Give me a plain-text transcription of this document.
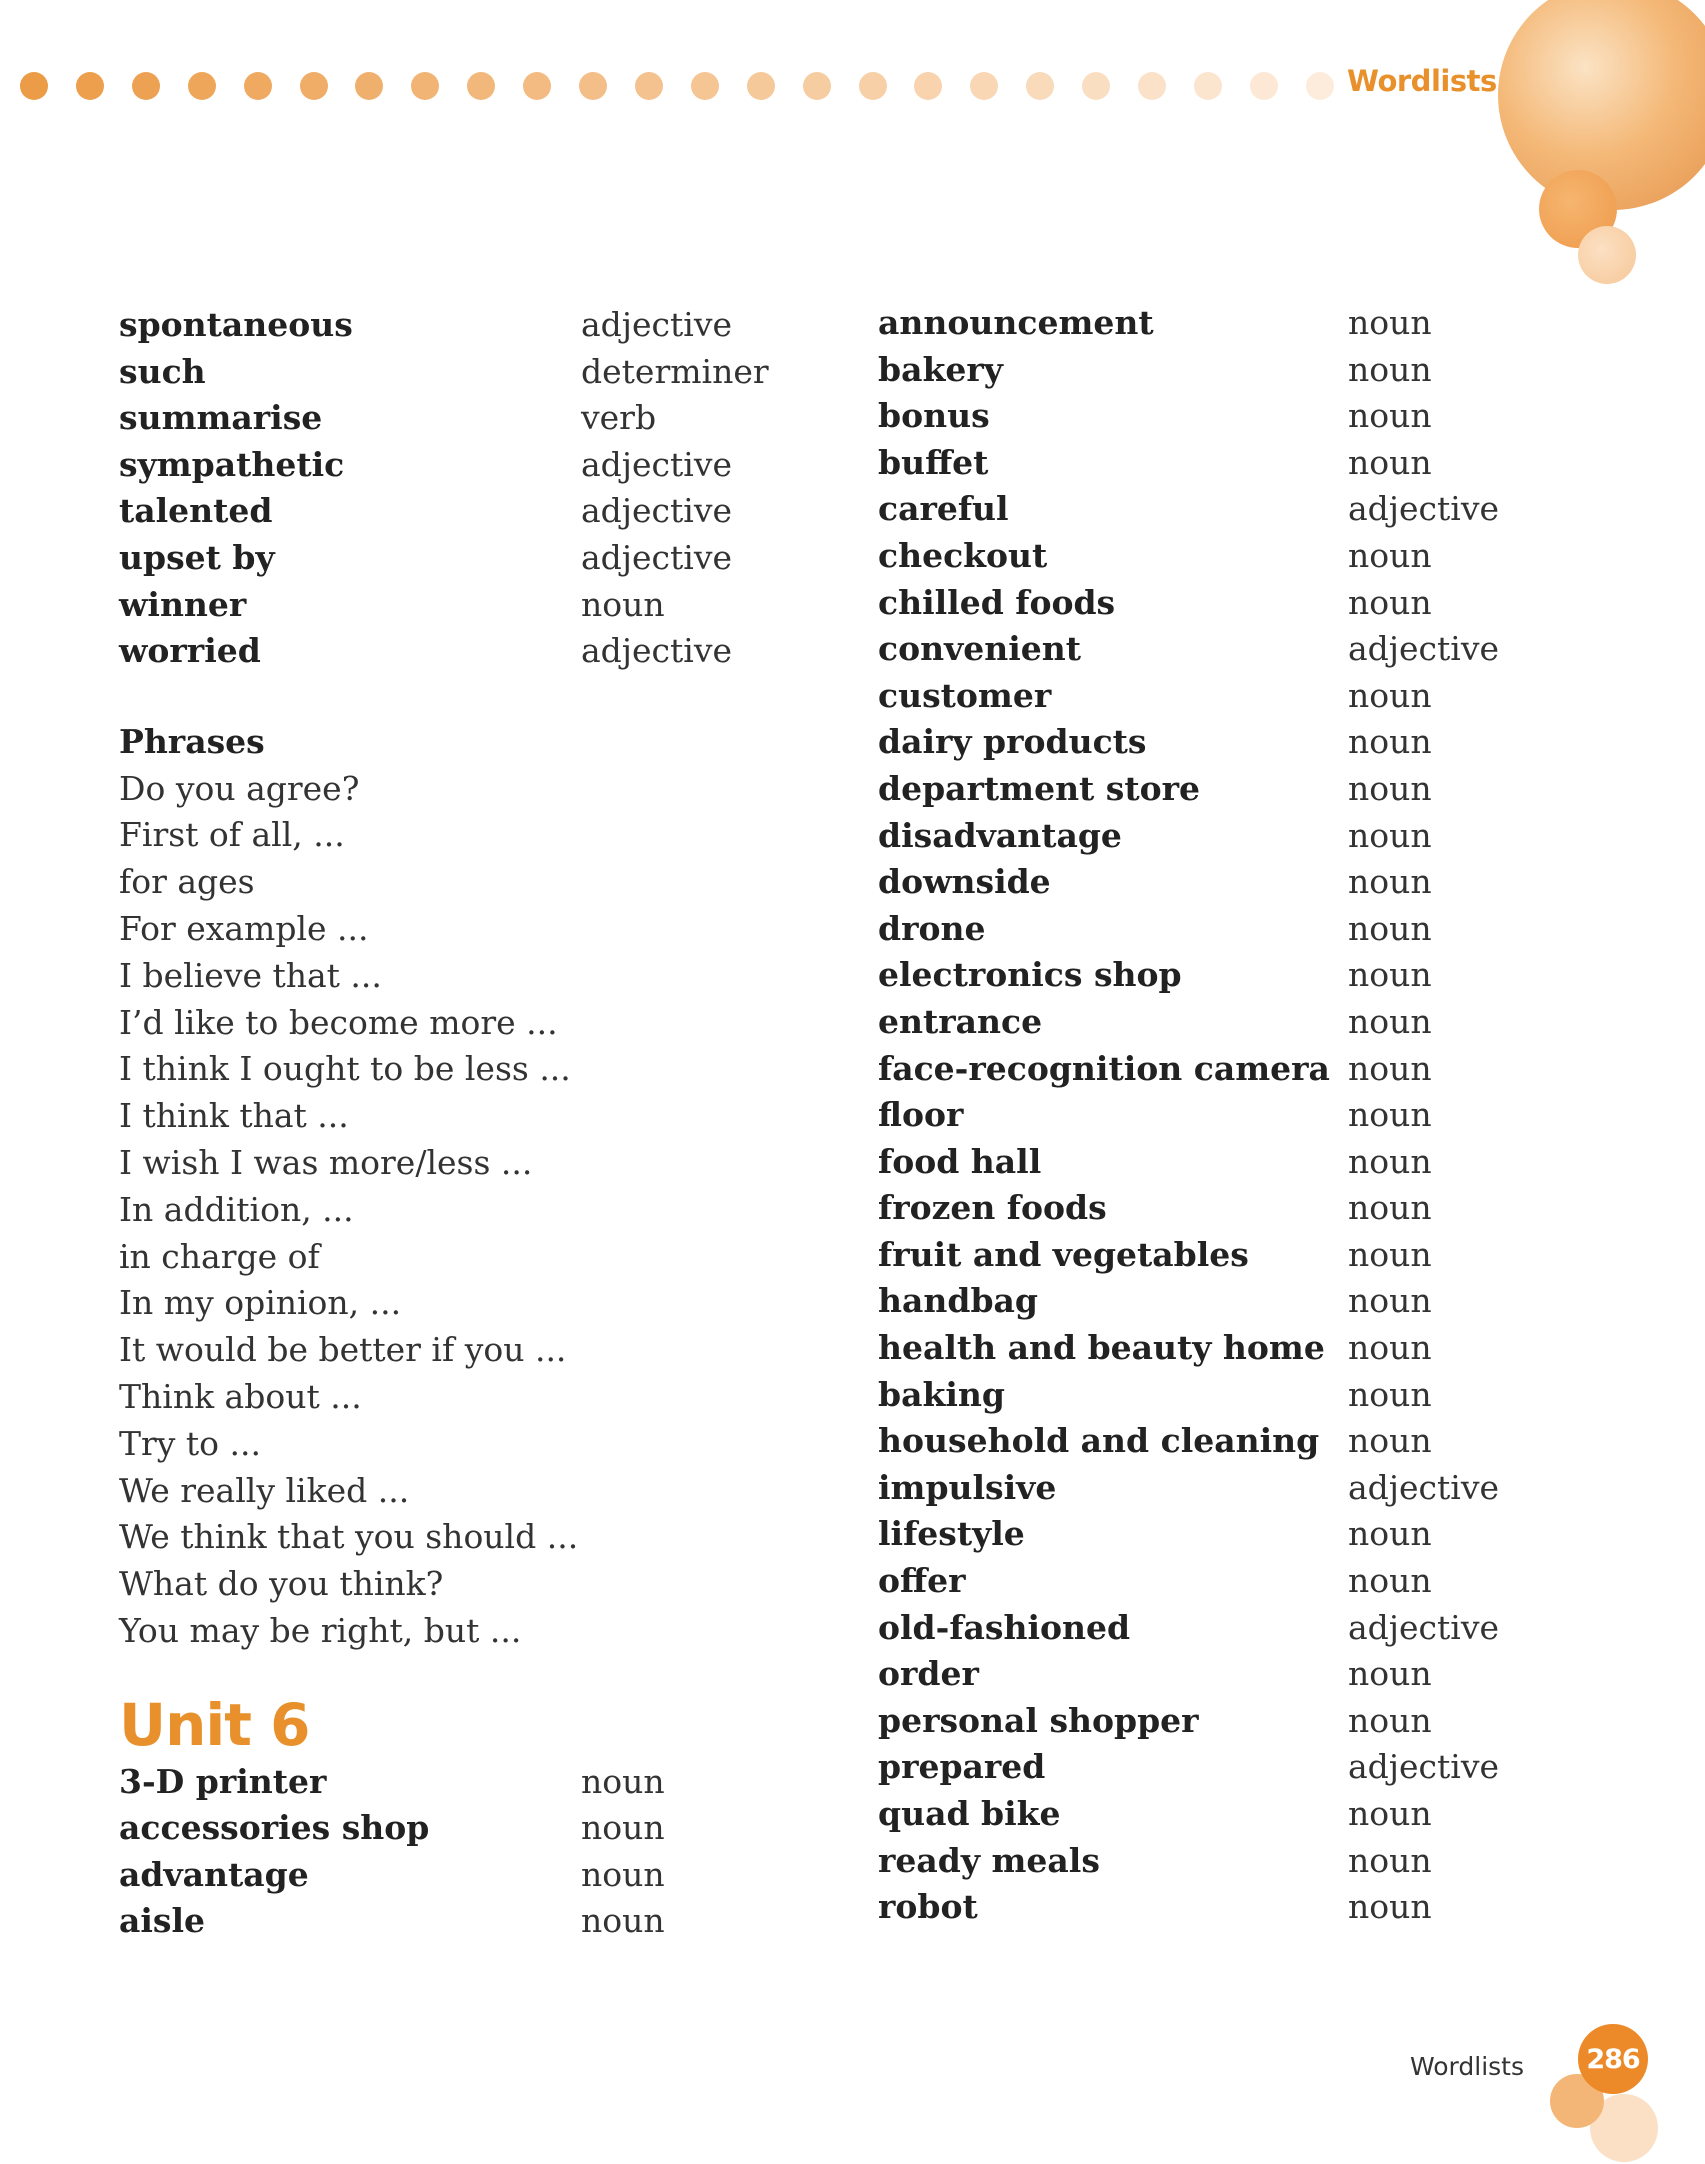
Wordlists
spontaneous	adjective
such	determiner
summarise	verb
sympathetic	adjective
talented	adjective
upset by	adjective
winner	noun
worried	adjective
Phrases
Do you agree?
First of all, ...
for ages
For example ...
I believe that ...
I’d like to become more ...
I think I ought to be less ...
I think that ...
I wish I was more/less ...
In addition, ...
in charge of
In my opinion, ...
It would be better if you ...
Think about ...
Try to ...
We really liked ...
We think that you should ...
What do you think?
You may be right, but ...
Unit 6
3-D printer	noun
accessories shop	noun
advantage	noun
aisle	noun
announcement	noun
bakery	noun
bonus	noun
buffet	noun
careful	adjective
checkout	noun
chilled foods	noun
convenient	adjective
customer	noun
dairy products	noun
department store	noun
disadvantage	noun
downside	noun
drone	noun
electronics shop	noun
entrance	noun
face-recognition camera noun
floor	noun
food hall	noun
frozen foods	noun
fruit and vegetables	noun
handbag	noun
health and beauty home noun
baking	noun
household and cleaning noun
impulsive	adjective
lifestyle	noun
offer	noun
old-fashioned	adjective
order	noun
personal shopper	noun
prepared	adjective
quad bike	noun
ready meals	noun
robot	noun
Wordlists	286
